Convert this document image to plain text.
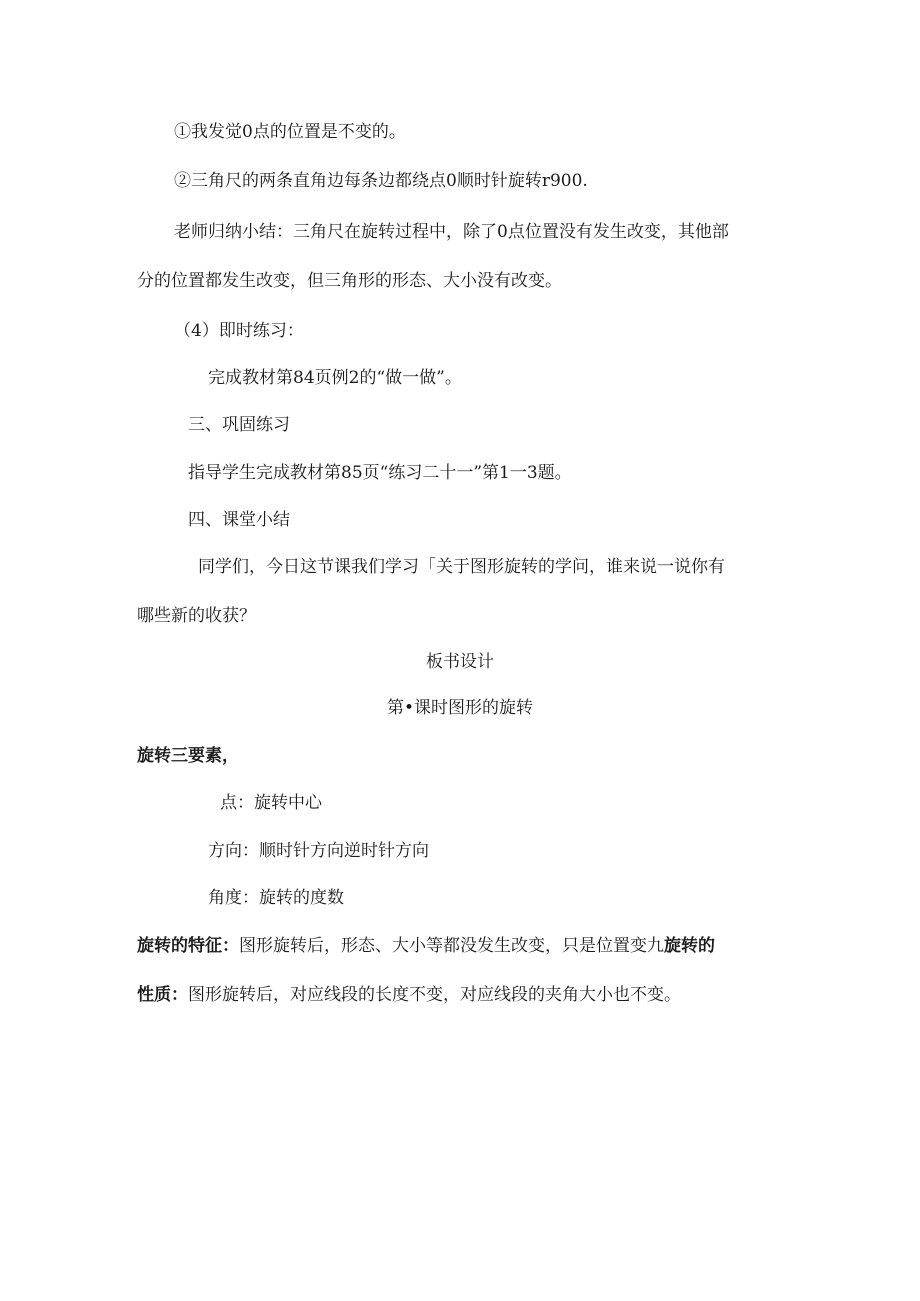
①我发觉0点的位置是不变的。
②三角尺的两条直角边每条边都绕点0顺时针旋转r900.
老师归纳小结：三角尺在旋转过程中，除了0点位置没有发生改变，其他部
分的位置都发生改变，但三角形的形态、大小没有改变。
（4）即时练习：
完成教材第84页例2的“做一做”。
三、巩固练习
指导学生完成教材第85页“练习二十一”第1一3题。
四、课堂小结
同学们，今日这节课我们学习「关于图形旋转的学问，谁来说一说你有
哪些新的收获？
板书设计
第•课时图形的旋转
旋转三要素，
点：旋转中心
方向：顺时针方向逆时针方向
角度：旋转的度数
旋转的特征：图形旋转后，形态、大小等都没发生改变，只是位置变九旋转的
性质：图形旋转后，对应线段的长度不变，对应线段的夹角大小也不变。
